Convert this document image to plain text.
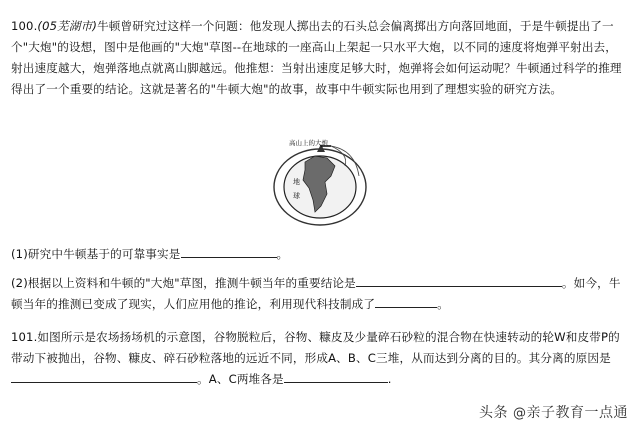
100.(05芜湖市)牛顿曾研究过这样一个问题：他发现人掷出去的石头总会偏离掷出方向落回地面，于是牛顿提出了一个"大炮"的设想，图中是他画的"大炮"草图--在地球的一座高山上架起一只水平大炮，以不同的速度将炮弹平射出去，射出速度越大，炮弹落地点就离山脚越远。他推想：当射出速度足够大时，炮弹将会如何运动呢？牛顿通过科学的推理得出了一个重要的结论。这就是著名的"牛顿大炮"的故事，故事中牛顿实际也用到了理想实验的研究方法。

高山上的大炮
地
球

(1)研究中牛顿基于的可靠事实是	。

(2)根据以上资料和牛顿的"大炮"草图，推测牛顿当年的重要结论是	。如今，牛顿当年的推测已变成了现实，人们应用他的推论，利用现代科技制成了	。

101.如图所示是农场扬场机的示意图，谷物脱粒后，谷物、糠皮及少量碎石砂粒的混合物在快速转动的轮W和皮带P的带动下被抛出，谷物、糠皮、碎石砂粒落地的远近不同，形成A、B、C三堆，从而达到分离的目的。其分离的原因是
。A、C两堆各是	.

头条 @亲子教育一点通
